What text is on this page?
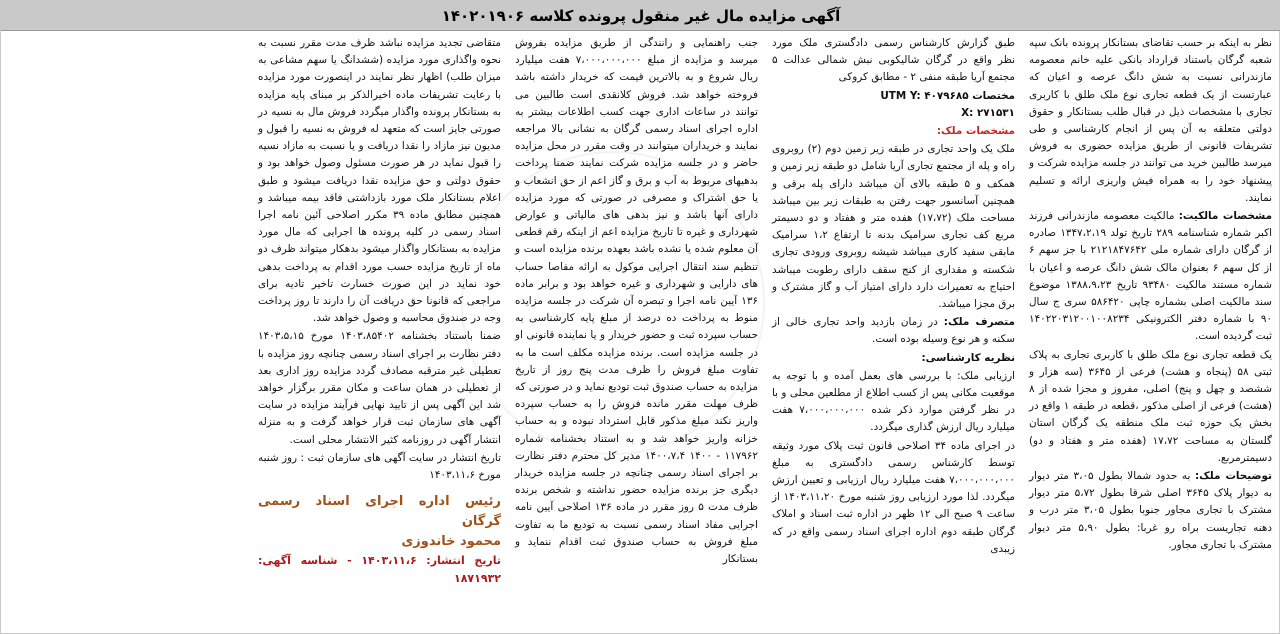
آگهی مزایده مال غیر منقول پرونده کلاسه ۱۴۰۲۰۱۹۰۶

نظر به اینکه بر حسب تقاضای بستانکار پرونده بانک سپه شعبه گرگان باستناد قرارداد بانکی علیه خانم معصومه مازندرانی نسبت به شش دانگ عرصه و اعیان که عبارتست از یک قطعه تجاری نوع ملک طلق با کاربری تجاری با مشخصات ذیل در قبال طلب بستانکار و حقوق دولتی متعلقه به آن پس از انجام کارشناسی و طی تشریفات قانونی از طریق مزایده حضوری به فروش میرسد طالبین خرید می توانند در جلسه مزایده شرکت و پیشنهاد خود را به همراه فیش واریزی ارائه و تسلیم نمایند.

مشخصات مالکیت: مالکیت معصومه مازندرانی فرزند اکبر شماره شناسنامه ۲۸۹ تاریخ تولد ۱۳۴۷،۲،۱۹ صادره از گرگان دارای شماره ملی ۲۱۲۱۸۴۷۶۴۲ با جز سهم ۶ از کل سهم ۶ بعنوان مالک شش دانگ عرصه و اعیان با شماره مستند مالکیت ۹۳۴۸۰ تاریخ ۱۳۸۸،۹،۲۳ موضوع سند مالکیت اصلی بشماره چاپی ۵۸۶۴۲۰ سری ج سال ۹۰ با شماره دفتر الکترونیکی ۱۴۰۲۲۰۳۱۲۰۰۱۰۰۸۲۳۴ ثبت گردیده است.

یک قطعه تجاری نوع ملک طلق با کاربری تجاری به پلاک ثبتی ۵۸ (پنجاه و هشت) فرعی از ۳۶۴۵ (سه هزار و ششصد و چهل و پنج) اصلی، مفروز و مجزا شده از ۸ (هشت) فرعی از اصلی مذکور ،قطعه در طبقه ۱ واقع در بخش یک حوزه ثبت ملک منطقه یک گرگان استان گلستان به مساحت ۱۷،۷۲ (هفده متر و هفتاد و دو) دسیمترمربع.

توضیحات ملک: به حدود شمالا بطول ۳،۰۵ متر دیوار به دیوار پلاک ۳۶۴۵ اصلی شرقا بطول ۵،۷۲ متر دیوار مشترک با تجاری مجاور جنوبا بطول ۳،۰۵ متر درب و دهنه تجاریست براه رو غربا: بطول ۵،۹۰ متر دیوار مشترک با تجاری مجاور.

طبق گزارش کارشناس رسمی دادگستری ملک مورد نظر واقع در گرگان شالیکوبی نبش شمالی عدالت ۵ مجتمع آریا طبقه منفی ۲ - مطابق کروکی

مختصات UTM Y: ۴۰۷۹۶۸۵
X: ۲۷۱۵۳۱

مشخصات ملک:

ملک یک واحد تجاری در طبقه زیر زمین دوم (۲) روبروی راه و پله از مجتمع تجاری آریا شامل دو طبقه زیر زمین و همکف و ۵ طبقه بالای آن میباشد دارای پله برقی و همچنین آسانسور جهت رفتن به طبقات زیر بین میباشد مساحت ملک (۱۷،۷۲) هفده متر و هفتاد و دو دسیمتر مربع کف تجاری سرامیک بدنه تا ارتفاع ۱،۲ سرامیک مابقی سفید کاری میباشد شیشه روبروی ورودی تجاری شکسته و مقداری از کنج سقف دارای رطوبت میباشد احتیاج به تعمیرات دارد دارای امتیاز آب و گاز مشترک و برق مجزا میباشد.

متصرف ملک: در زمان بازدید واحد تجاری خالی از سکنه و هر نوع وسیله بوده است.

نظریه کارشناسی:

ارزیابی ملک: با بررسی های بعمل آمده و با توجه به موقعیت مکانی پس از کسب اطلاع از مطلعین محلی و با در نظر گرفتن موارد ذکر شده ۷،۰۰۰،۰۰۰،۰۰۰ هفت میلیارد ریال ارزش گذاری میگردد.

در اجرای ماده ۳۴ اصلاحی قانون ثبت پلاک مورد وثیقه توسط کارشناس رسمی دادگستری به مبلغ ۷،۰۰۰،۰۰۰،۰۰۰ هفت میلیارد ریال ارزیابی و تعیین ارزش میگردد. لذا مورد ارزیابی روز شنبه مورخ ۱۴۰۳،۱۱،۲۰ از ساعت ۹ صبح الی ۱۲ ظهر در اداره ثبت اسناد و املاک گرگان طبقه دوم اداره اجرای اسناد رسمی واقع در که زیبدی

جنب راهنمایی و رانندگی از طریق مزایده بفروش میرسد و مزایده از مبلغ ۷،۰۰۰،۰۰۰،۰۰۰ هفت میلیارد ریال شروع و به بالاترین قیمت که خریدار داشته باشد فروخته خواهد شد. فروش کلانقدی است طالبین می توانند در ساعات اداری جهت کسب اطلاعات بیشتر به اداره اجرای اسناد رسمی گرگان به نشانی بالا مراجعه نمایند و خریداران میتوانند در وقت مقرر در محل مزایده حاضر و در جلسه مزایده شرکت نمایند ضمنا پرداخت بدهیهای مربوط به آب و برق و گاز اعم از حق انشعاب و یا حق اشتراک و مصرفی در صورتی که مورد مزایده دارای آنها باشد و نیز بدهی های مالیاتی و عوارض شهرداری و غیره تا تاریخ مزایده اعم از اینکه رقم قطعی آن معلوم شده یا نشده باشد بعهده برنده مزایده است و تنظیم سند انتقال اجرایی موکول به ارائه مفاصا حساب های دارایی و شهرداری و غیره خواهد بود و برابر ماده ۱۳۶ آیین نامه اجرا و تبصره آن شرکت در جلسه مزایده منوط به پرداخت ده درصد از مبلغ پایه کارشناسی به حساب سپرده ثبت و حضور خریدار و یا نماینده قانونی او در جلسه مزایده است. برنده مزایده مکلف است ما به تفاوت مبلغ فروش را ظرف مدت پنج روز از تاریخ مزایده به حساب صندوق ثبت تودیع نماید و در صورتی که ظرف مهلت مقرر مانده فروش را به حساب سپرده واریز نکند مبلغ مذکور قابل استرداد نبوده و به حساب خزانه واریز خواهد شد و به استناد بخشنامه شماره ۱۱۷۹۶۲ - ۱۴۰۰ ۱۴۰۰،۷،۴ مدیر کل محترم دفتر نظارت بر اجرای اسناد رسمی چنانچه در جلسه مزایده خریدار دیگری جز برنده مزایده حضور نداشته و شخص برنده ظرف مدت ۵ روز مقرر در ماده ۱۳۶ اصلاحی آیین نامه اجرایی مفاد اسناد رسمی نسبت به تودیع ما به تفاوت مبلغ فروش به حساب صندوق ثبت اقدام ننماید و بستانکار

متقاضی تجدید مزایده نباشد ظرف مدت مقرر نسبت به نحوه واگذاری مورد مزایده (ششدانگ یا سهم مشاعی به میزان طلب) اظهار نظر نمایند در اینصورت مورد مزایده با رعایت تشریفات ماده اخیرالذکر بر مبنای پایه مزایده به بستانکار پرونده واگذار میگردد فروش مال به نسیه در صورتی جایز است که متعهد له فروش به نسیه را قبول و مدیون نیز مازاد را نقدا دریافت و یا نسبت به مازاد نسیه را قبول نماید در هر صورت مسئول وصول خواهد بود و حقوق دولتی و حق مزایده نقدا دریافت میشود و طبق اعلام بستانکار ملک مورد بازداشتی فاقد بیمه میباشد و همچنین مطابق ماده ۳۹ مکرر اصلاحی آئین نامه اجرا اسناد رسمی در کلیه پرونده ها اجرایی که مال مورد مزایده به بستانکار واگذار میشود بدهکار میتواند ظرف دو ماه از تاریخ مزایده حسب مورد اقدام به پرداخت بدهی خود نماید در این صورت خسارت تاخیر تادیه برای مراجعی که قانونا حق دریافت آن را دارند تا روز پرداخت وجه در صندوق محاسبه و وصول خواهد شد.

ضمنا باستناد بخشنامه ۱۴۰۳،۸۵۴۰۲ مورخ ۱۴۰۳،۵،۱۵ دفتر نظارت بر اجرای اسناد رسمی چنانچه روز مزایده با تعطیلی غیر مترقبه مصادف گردد مزایده روز اداری بعد از تعطیلی در همان ساعت و مکان مقرر برگزار خواهد شد این آگهی پس از تایید نهایی فرآیند مزایده در سایت آگهی های سازمان ثبت قرار خواهد گرفت و به منزله انتشار آگهی در روزنامه کثیر الانتشار محلی است.

تاریخ انتشار در سایت آگهی های سازمان ثبت : روز شنبه مورخ ۱۴۰۳،۱۱،۶

رئیس اداره اجرای اسناد رسمی گرگان
محمود خاندوزی
تاریخ انتشار: ۱۴۰۳،۱۱،۶ - شناسه آگهی: ۱۸۷۱۹۳۲
